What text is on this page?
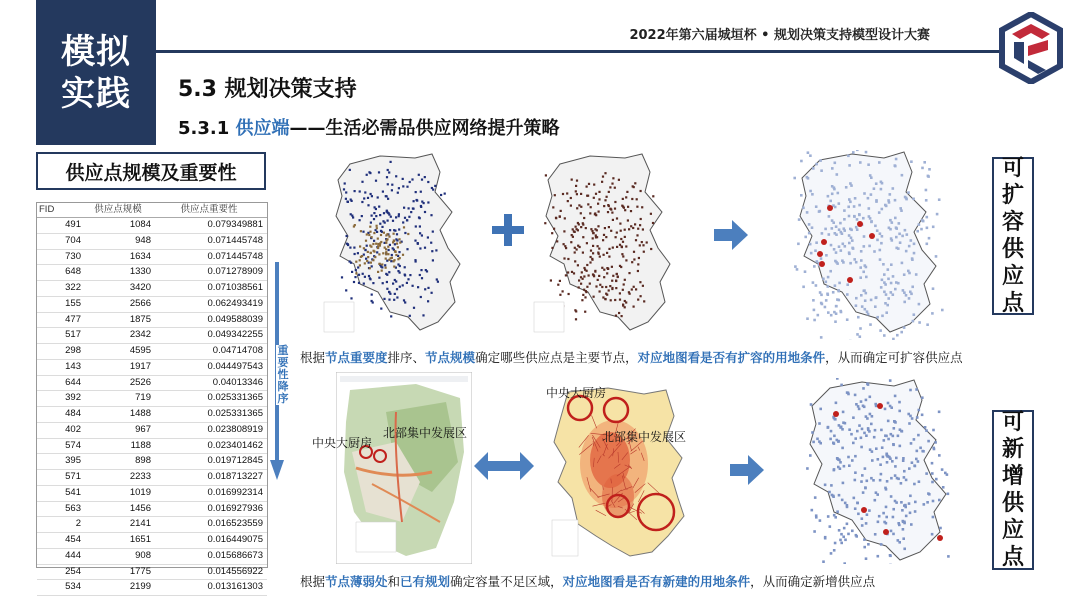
模拟
实践
2022年第六届城垣杯 • 规划决策支持模型设计大赛
5.3 规划决策支持
5.3.1 供应端——生活必需品供应网络提升策略
供应点规模及重要性
FID	供应点规模	供应点重要性
491	1084	0.079349881
704	948	0.071445748
730	1634	0.071445748
648	1330	0.071278909
322	3420	0.071038561
155	2566	0.062493419
477	1875	0.049588039
517	2342	0.049342255
298	4595	0.04714708
143	1917	0.044497543
644	2526	0.04013346
392	719	0.025331365
484	1488	0.025331365
402	967	0.023808919
574	1188	0.023401462
395	898	0.019712845
571	2233	0.018713227
541	1019	0.016992314
563	1456	0.016927936
2	2141	0.016523559
454	1651	0.016449075
444	908	0.015686673
254	1775	0.014556922
534	2199	0.013161303
重要性降序
可
扩
容
供
应
点
根据节点重要度排序、节点规模确定哪些供应点是主要节点，对应地图看是否有扩容的用地条件，从而确定可扩容供应点
中央大厨房
北部集中发展区
中央大厨房
北部集中发展区
可
新
增
供
应
点
根据节点薄弱处和已有规划确定容量不足区域，对应地图看是否有新建的用地条件，从而确定新增供应点
